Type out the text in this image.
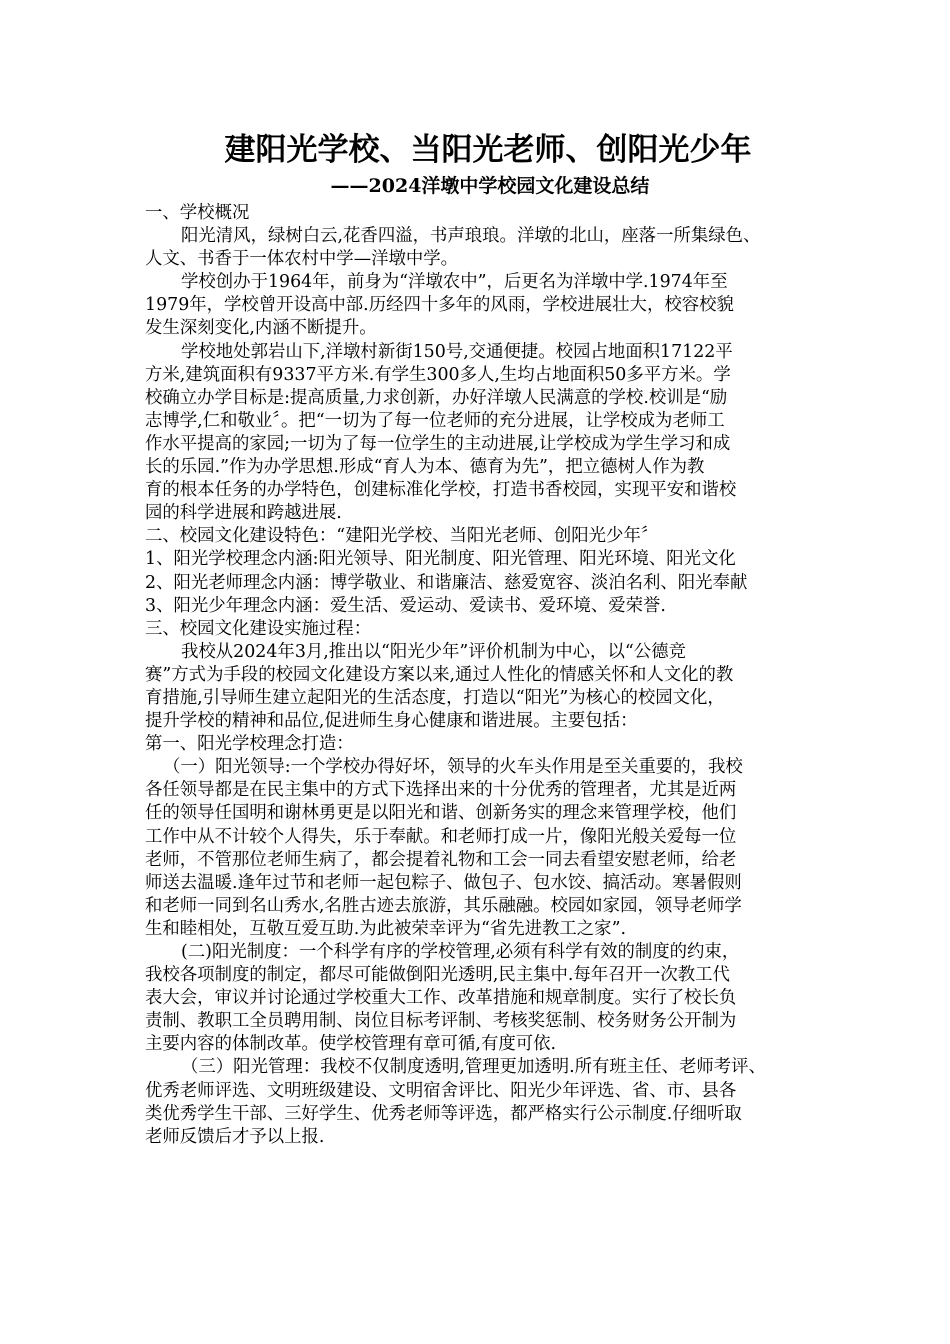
建阳光学校、当阳光老师、创阳光少年
——2024洋墩中学校园文化建设总结

一、学校概况

阳光清风，绿树白云,花香四溢，书声琅琅。洋墩的北山，座落一所集绿色、
人文、书香于一体农村中学—洋墩中学。

学校创办于1964年，前身为“洋墩农中”，后更名为洋墩中学.1974年至
1979年，学校曾开设高中部.历经四十多年的风雨，学校进展壮大，校容校貌
发生深刻变化,内涵不断提升。

学校地处郭岩山下,洋墩村新街150号,交通便捷。校园占地面积17122平
方米,建筑面积有9337平方米.有学生300多人,生均占地面积50多平方米。学
校确立办学目标是:提高质量,力求创新，办好洋墩人民满意的学校.校训是“励
志博学,仁和敬业〞。把“一切为了每一位老师的充分进展，让学校成为老师工
作水平提高的家园;一切为了每一位学生的主动进展,让学校成为学生学习和成
长的乐园.”作为办学思想.形成“育人为本、德育为先”，把立德树人作为教
育的根本任务的办学特色，创建标准化学校，打造书香校园，实现平安和谐校
园的科学进展和跨越进展.

二、校园文化建设特色：“建阳光学校、当阳光老师、创阳光少年〞

1、阳光学校理念内涵:阳光领导、阳光制度、阳光管理、阳光环境、阳光文化

2、阳光老师理念内涵：博学敬业、和谐廉洁、慈爱宽容、淡泊名利、阳光奉献

3、阳光少年理念内涵：爱生活、爱运动、爱读书、爱环境、爱荣誉.

三、校园文化建设实施过程：

我校从2024年3月,推出以“阳光少年”评价机制为中心，以“公德竞
赛”方式为手段的校园文化建设方案以来,通过人性化的情感关怀和人文化的教
育措施,引导师生建立起阳光的生活态度，打造以“阳光”为核心的校园文化，
提升学校的精神和品位,促进师生身心健康和谐进展。主要包括：

第一、阳光学校理念打造：

（一）阳光领导:一个学校办得好坏，领导的火车头作用是至关重要的，我校
各任领导都是在民主集中的方式下选择出来的十分优秀的管理者，尤其是近两
任的领导任国明和谢林勇更是以阳光和谐、创新务实的理念来管理学校，他们
工作中从不计较个人得失，乐于奉献。和老师打成一片，像阳光般关爱每一位
老师，不管那位老师生病了，都会提着礼物和工会一同去看望安慰老师，给老
师送去温暖.逢年过节和老师一起包粽子、做包子、包水饺、搞活动。寒暑假则
和老师一同到名山秀水,名胜古迹去旅游，其乐融融。校园如家园，领导老师学
生和睦相处，互敬互爱互助.为此被荣幸评为“省先进教工之家”.

(二)阳光制度：一个科学有序的学校管理,必须有科学有效的制度的约束，
我校各项制度的制定，都尽可能做倒阳光透明,民主集中.每年召开一次教工代
表大会，审议并讨论通过学校重大工作、改革措施和规章制度。实行了校长负
责制、教职工全员聘用制、岗位目标考评制、考核奖惩制、校务财务公开制为
主要内容的体制改革。使学校管理有章可循,有度可依.

（三）阳光管理：我校不仅制度透明,管理更加透明.所有班主任、老师考评、
优秀老师评选、文明班级建设、文明宿舍评比、阳光少年评选、省、市、县各
类优秀学生干部、三好学生、优秀老师等评选，都严格实行公示制度.仔细听取
老师反馈后才予以上报.
